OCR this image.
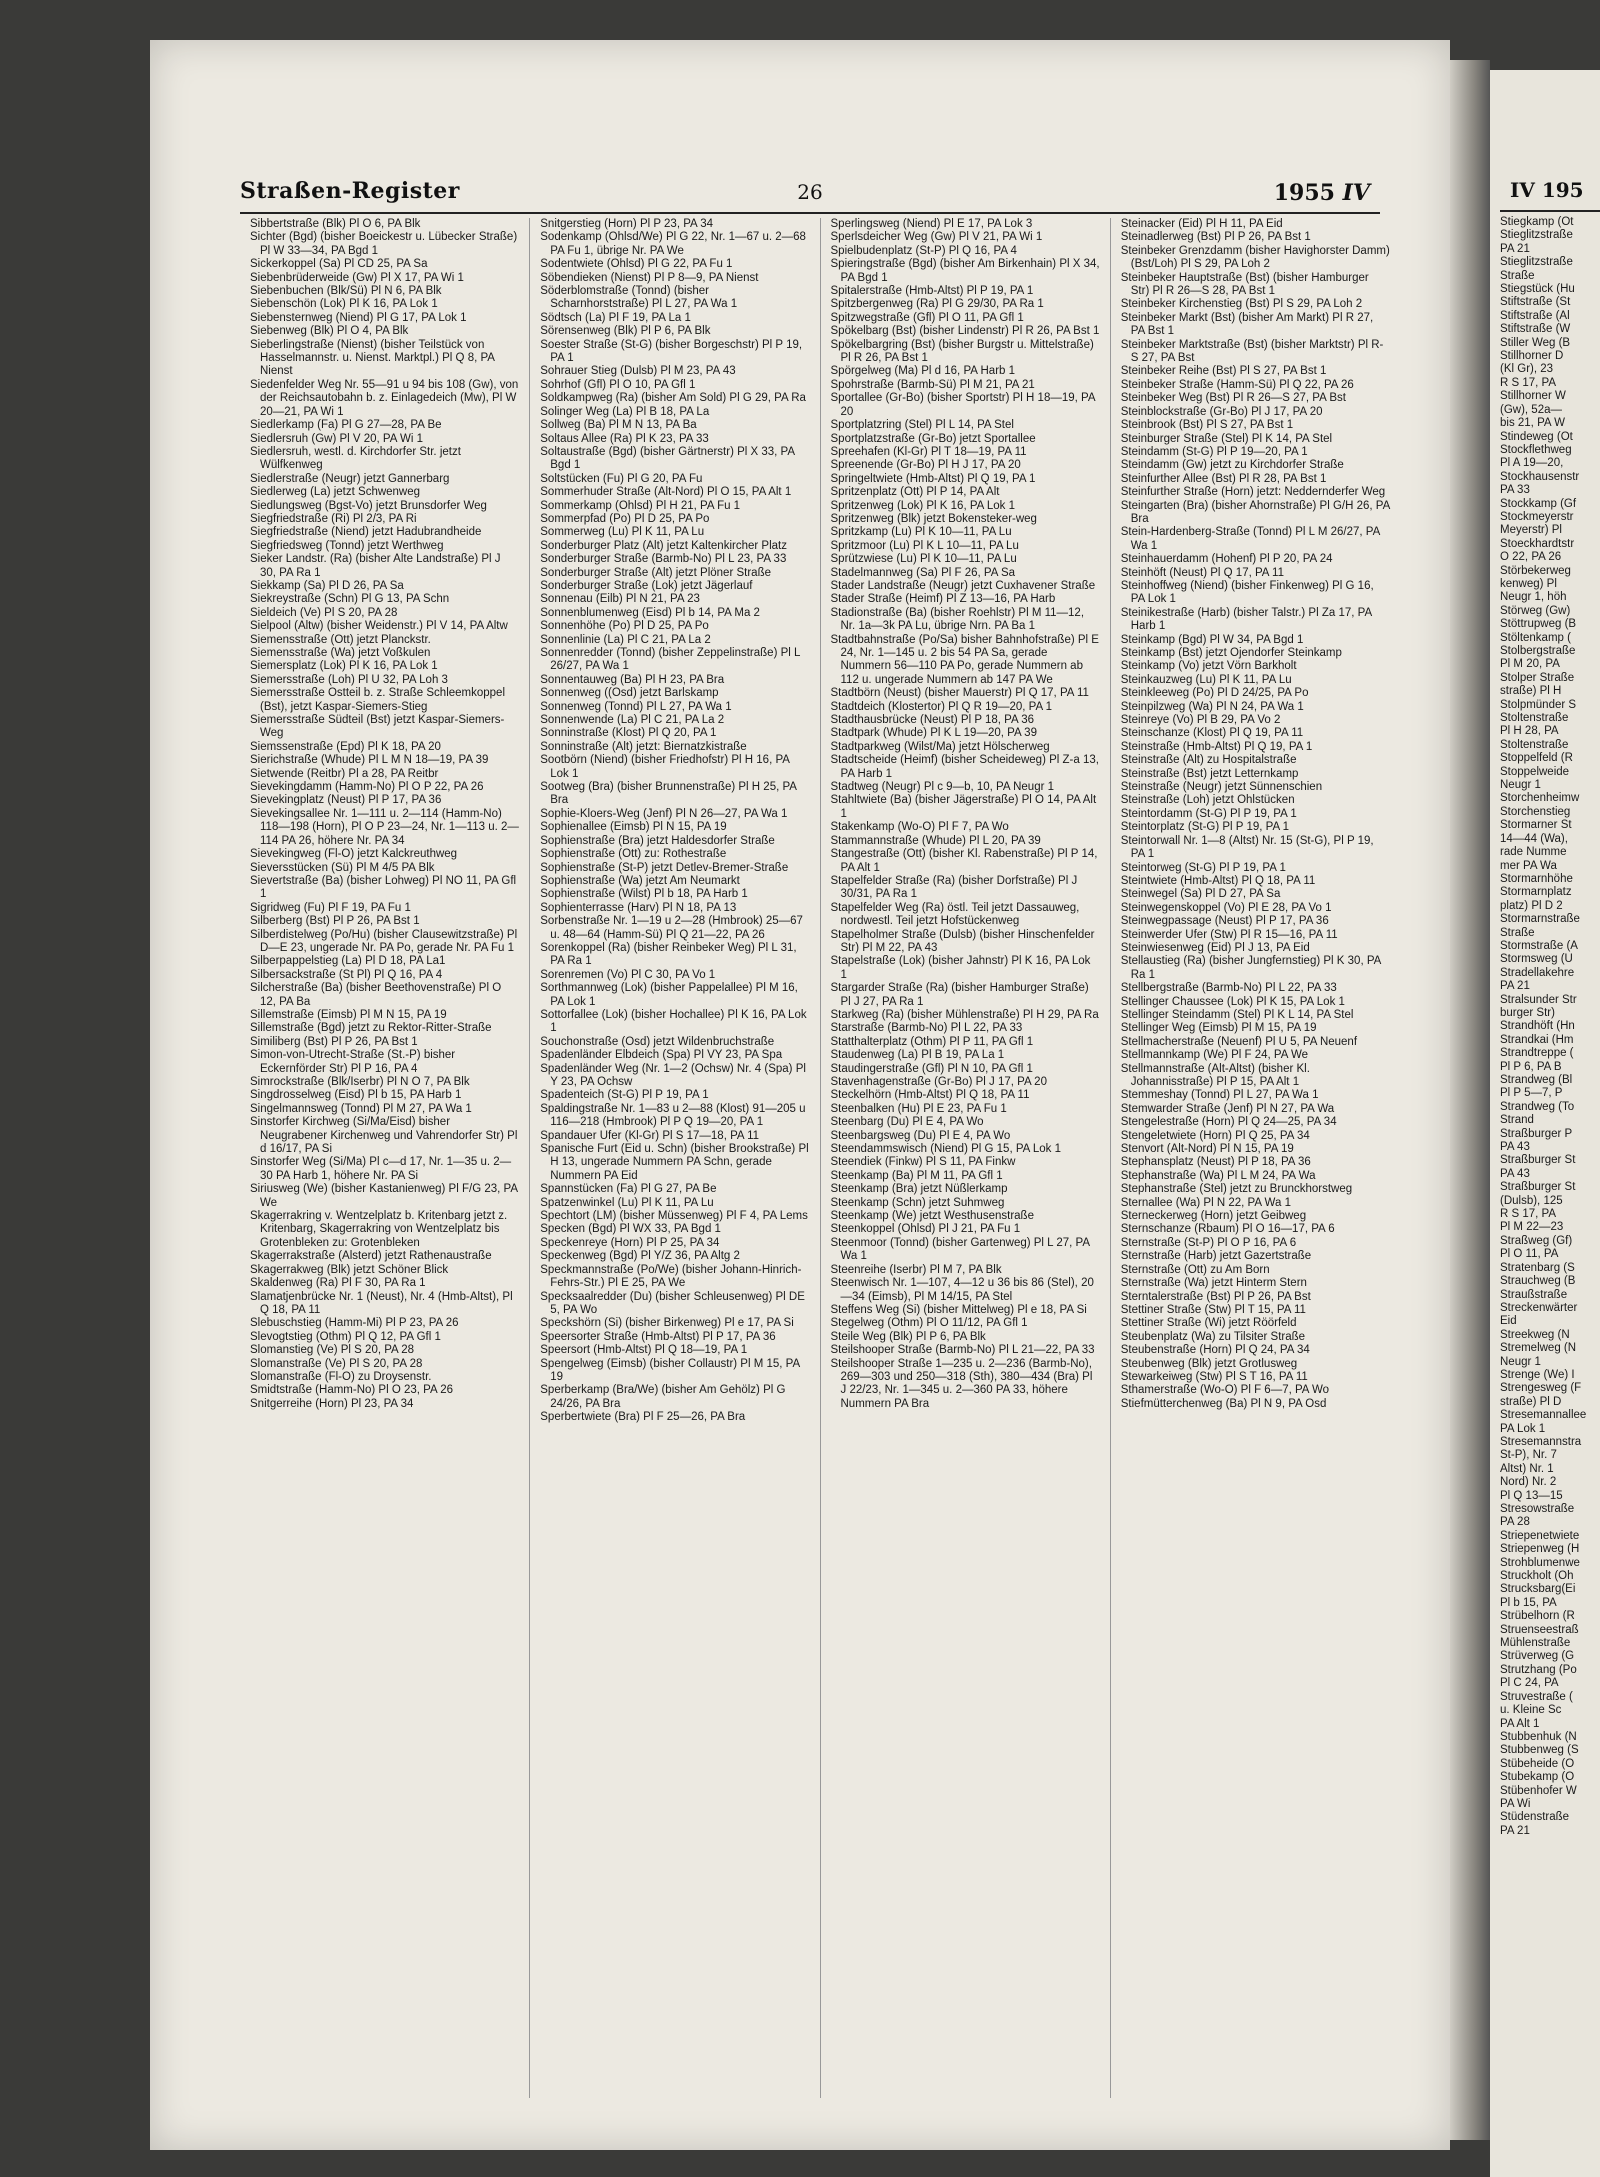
Straßen-Register	26	1955 IV

Sibbertstraße (Blk) Pl O 6, PA Blk

Sichter (Bgd) (bisher Boeickestr u. Lübecker Straße) Pl W 33—34, PA Bgd 1

Sickerkoppel (Sa) Pl CD 25, PA Sa

Siebenbrüderweide (Gw) Pl X 17, PA Wi 1

Siebenbuchen (Blk/Sü) Pl N 6, PA Blk

Siebenschön (Lok) Pl K 16, PA Lok 1

Siebensternweg (Niend) Pl G 17, PA Lok 1

Siebenweg (Blk) Pl O 4, PA Blk

Sieberlingstraße (Nienst) (bisher Teilstück von Hasselmannstr. u. Nienst. Marktpl.) Pl Q 8, PA Nienst

Siedenfelder Weg Nr. 55—91 u 94 bis 108 (Gw), von der Reichsautobahn b. z. Einlagedeich (Mw), Pl W 20—21, PA Wi 1

Siedlerkamp (Fa) Pl G 27—28, PA Be

Siedlersruh (Gw) Pl V 20, PA Wi 1

Siedlersruh, westl. d. Kirchdorfer Str. jetzt Wülfkenweg

Siedlerstraße (Neugr) jetzt Gannerbarg

Siedlerweg (La) jetzt Schwenweg

Siedlungsweg (Bgst-Vo) jetzt Brunsdorfer Weg

Siegfriedstraße (Ri) Pl 2/3, PA Ri

Siegfriedstraße (Niend) jetzt Hadubrandheide

Siegfriedsweg (Tonnd) jetzt Werthweg

Sieker Landstr. (Ra) (bisher Alte Landstraße) Pl J 30, PA Ra 1

Siekkamp (Sa) Pl D 26, PA Sa

Siekreystraße (Schn) Pl G 13, PA Schn

Sieldeich (Ve) Pl S 20, PA 28

Sielpool (Altw) (bisher Weidenstr.) Pl V 14, PA Altw

Siemensstraße (Ott) jetzt Planckstr.

Siemensstraße (Wa) jetzt Voßkulen

Siemersplatz (Lok) Pl K 16, PA Lok 1

Siemersstraße (Loh) Pl U 32, PA Loh 3

Siemersstraße Ostteil b. z. Straße Schleemkoppel (Bst), jetzt Kaspar-Siemers-Stieg

Siemersstraße Südteil (Bst) jetzt Kaspar-Siemers-Weg

Siemssenstraße (Epd) Pl K 18, PA 20

Sierichstraße (Whude) Pl L M N 18—19, PA 39

Sietwende (Reitbr) Pl a 28, PA Reitbr

Sievekingdamm (Hamm-No) Pl O P 22, PA 26

Sievekingplatz (Neust) Pl P 17, PA 36

Sievekingsallee Nr. 1—111 u. 2—114 (Hamm-No) 118—198 (Horn), Pl O P 23—24, Nr. 1—113 u. 2—114 PA 26, höhere Nr. PA 34

Sievekingweg (Fl-O) jetzt Kalckreuthweg

Sieversstücken (Sü) Pl M 4/5 PA Blk

Sievertstraße (Ba) (bisher Lohweg) Pl NO 11, PA Gfl 1

Sigridweg (Fu) Pl F 19, PA Fu 1

Silberberg (Bst) Pl P 26, PA Bst 1

Silberdistelweg (Po/Hu) (bisher Clausewitzstraße) Pl D—E 23, ungerade Nr. PA Po, gerade Nr. PA Fu 1

Silberpappelstieg (La) Pl D 18, PA La1

Silbersackstraße (St Pl) Pl Q 16, PA 4

Silcherstraße (Ba) (bisher Beethovenstraße) Pl O 12, PA Ba

Sillemstraße (Eimsb) Pl M N 15, PA 19

Sillemstraße (Bgd) jetzt zu Rektor-Ritter-Straße

Similiberg (Bst) Pl P 26, PA Bst 1

Simon-von-Utrecht-Straße (St.-P) bisher Eckernförder Str) Pl P 16, PA 4

Simrockstraße (Blk/Iserbr) Pl N O 7, PA Blk

Singdrosselweg (Eisd) Pl b 15, PA Harb 1

Singelmannsweg (Tonnd) Pl M 27, PA Wa 1

Sinstorfer Kirchweg (Si/Ma/Eisd) bisher Neugrabener Kirchenweg und Vahrendorfer Str) Pl d 16/17, PA Si

Sinstorfer Weg (Si/Ma) Pl c—d 17, Nr. 1—35 u. 2—30 PA Harb 1, höhere Nr. PA Si

Siriusweg (We) (bisher Kastanienweg) Pl F/G 23, PA We

Skagerrakring v. Wentzelplatz b. Kritenbarg jetzt z. Kritenbarg, Skagerrakring von Wentzelplatz bis Grotenbleken zu: Grotenbleken

Skagerrakstraße (Alsterd) jetzt Rathenaustraße

Skagerrakweg (Blk) jetzt Schöner Blick

Skaldenweg (Ra) Pl F 30, PA Ra 1

Slamatjenbrücke Nr. 1 (Neust), Nr. 4 (Hmb-Altst), Pl Q 18, PA 11

Slebuschstieg (Hamm-Mi) Pl P 23, PA 26

Slevogtstieg (Othm) Pl Q 12, PA Gfl 1

Slomanstieg (Ve) Pl S 20, PA 28

Slomanstraße (Ve) Pl S 20, PA 28

Slomanstraße (Fl-O) zu Droysenstr.

Smidtstraße (Hamm-No) Pl O 23, PA 26

Snitgerreihe (Horn) Pl 23, PA 34

Snitgerstieg (Horn) Pl P 23, PA 34

Sodenkamp (Ohlsd/We) Pl G 22, Nr. 1—67 u. 2—68 PA Fu 1, übrige Nr. PA We

Sodentwiete (Ohlsd) Pl G 22, PA Fu 1

Söbendieken (Nienst) Pl P 8—9, PA Nienst

Söderblomstraße (Tonnd) (bisher Scharnhorststraße) Pl L 27, PA Wa 1

Södtsch (La) Pl F 19, PA La 1

Sörensenweg (Blk) Pl P 6, PA Blk

Soester Straße (St-G) (bisher Borgeschstr) Pl P 19, PA 1

Sohrauer Stieg (Dulsb) Pl M 23, PA 43

Sohrhof (Gfl) Pl O 10, PA Gfl 1

Soldkampweg (Ra) (bisher Am Sold) Pl G 29, PA Ra

Solinger Weg (La) Pl B 18, PA La

Sollweg (Ba) Pl M N 13, PA Ba

Soltaus Allee (Ra) Pl K 23, PA 33

Soltaustraße (Bgd) (bisher Gärtnerstr) Pl X 33, PA Bgd 1

Soltstücken (Fu) Pl G 20, PA Fu

Sommerhuder Straße (Alt-Nord) Pl O 15, PA Alt 1

Sommerkamp (Ohlsd) Pl H 21, PA Fu 1

Sommerpfad (Po) Pl D 25, PA Po

Sommerweg (Lu) Pl K 11, PA Lu

Sonderburger Platz (Alt) jetzt Kaltenkircher Platz

Sonderburger Straße (Barmb-No) Pl L 23, PA 33

Sonderburger Straße (Alt) jetzt Plöner Straße

Sonderburger Straße (Lok) jetzt Jägerlauf

Sonnenau (Eilb) Pl N 21, PA 23

Sonnenblumenweg (Eisd) Pl b 14, PA Ma 2

Sonnenhöhe (Po) Pl D 25, PA Po

Sonnenlinie (La) Pl C 21, PA La 2

Sonnenredder (Tonnd) (bisher Zeppelinstraße) Pl L 26/27, PA Wa 1

Sonnentauweg (Ba) Pl H 23, PA Bra

Sonnenweg ((Osd) jetzt Barlskamp

Sonnenweg (Tonnd) Pl L 27, PA Wa 1

Sonnenwende (La) Pl C 21, PA La 2

Sonninstraße (Klost) Pl Q 20, PA 1

Sonninstraße (Alt) jetzt: Biernatzkistraße

Sootbörn (Niend) (bisher Friedhofstr) Pl H 16, PA Lok 1

Sootweg (Bra) (bisher Brunnenstraße) Pl H 25, PA Bra

Sophie-Kloers-Weg (Jenf) Pl N 26—27, PA Wa 1

Sophienallee (Eimsb) Pl N 15, PA 19

Sophienstraße (Bra) jetzt Haldesdorfer Straße

Sophienstraße (Ott) zu: Rothestraße

Sophienstraße (St-P) jetzt Detlev-Bremer-Straße

Sophienstraße (Wa) jetzt Am Neumarkt

Sophienstraße (Wilst) Pl b 18, PA Harb 1

Sophienterrasse (Harv) Pl N 18, PA 13

Sorbenstraße Nr. 1—19 u 2—28 (Hmbrook) 25—67 u. 48—64 (Hamm-Sü) Pl Q 21—22, PA 26

Sorenkoppel (Ra) (bisher Reinbeker Weg) Pl L 31, PA Ra 1

Sorenremen (Vo) Pl C 30, PA Vo 1

Sorthmannweg (Lok) (bisher Pappelallee) Pl M 16, PA Lok 1

Sottorfallee (Lok) (bisher Hochallee) Pl K 16, PA Lok 1

Souchonstraße (Osd) jetzt Wildenbruchstraße

Spadenländer Elbdeich (Spa) Pl VY 23, PA Spa

Spadenländer Weg (Nr. 1—2 (Ochsw) Nr. 4 (Spa) Pl Y 23, PA Ochsw

Spadenteich (St-G) Pl P 19, PA 1

Spaldingstraße Nr. 1—83 u 2—88 (Klost) 91—205 u 116—218 (Hmbrook) Pl P Q 19—20, PA 1

Spandauer Ufer (Kl-Gr) Pl S 17—18, PA 11

Spanische Furt (Eid u. Schn) (bisher Brookstraße) Pl H 13, ungerade Nummern PA Schn, gerade Nummern PA Eid

Spannstücken (Fa) Pl G 27, PA Be

Spatzenwinkel (Lu) Pl K 11, PA Lu

Spechtort (LM) (bisher Müssenweg) Pl F 4, PA Lems

Specken (Bgd) Pl WX 33, PA Bgd 1

Speckenreye (Horn) Pl P 25, PA 34

Speckenweg (Bgd) Pl Y/Z 36, PA Altg 2

Speckmannstraße (Po/We) (bisher Johann-Hinrich-Fehrs-Str.) Pl E 25, PA We

Specksaalredder (Du) (bisher Schleusenweg) Pl DE 5, PA Wo

Speckshörn (Si) (bisher Birkenweg) Pl e 17, PA Si

Speersorter Straße (Hmb-Altst) Pl P 17, PA 36

Speersort (Hmb-Altst) Pl Q 18—19, PA 1

Spengelweg (Eimsb) (bisher Collaustr) Pl M 15, PA 19

Sperberkamp (Bra/We) (bisher Am Gehölz) Pl G 24/26, PA Bra

Sperbertwiete (Bra) Pl F 25—26, PA Bra

Sperlingsweg (Niend) Pl E 17, PA Lok 3

Sperlsdeicher Weg (Gw) Pl V 21, PA Wi 1

Spielbudenplatz (St-P) Pl Q 16, PA 4

Spieringstraße (Bgd) (bisher Am Birkenhain) Pl X 34, PA Bgd 1

Spitalerstraße (Hmb-Altst) Pl P 19, PA 1

Spitzbergenweg (Ra) Pl G 29/30, PA Ra 1

Spitzwegstraße (Gfl) Pl O 11, PA Gfl 1

Spökelbarg (Bst) (bisher Lindenstr) Pl R 26, PA Bst 1

Spökelbargring (Bst) (bisher Burgstr u. Mittelstraße) Pl R 26, PA Bst 1

Spörgelweg (Ma) Pl d 16, PA Harb 1

Spohrstraße (Barmb-Sü) Pl M 21, PA 21

Sportallee (Gr-Bo) (bisher Sportstr) Pl H 18—19, PA 20

Sportplatzring (Stel) Pl L 14, PA Stel

Sportplatzstraße (Gr-Bo) jetzt Sportallee

Spreehafen (Kl-Gr) Pl T 18—19, PA 11

Spreenende (Gr-Bo) Pl H J 17, PA 20

Springeltwiete (Hmb-Altst) Pl Q 19, PA 1

Spritzenplatz (Ott) Pl P 14, PA Alt

Spritzenweg (Lok) Pl K 16, PA Lok 1

Spritzenweg (Blk) jetzt Bokensteker-weg

Spritzkamp (Lu) Pl K 10—11, PA Lu

Spritzmoor (Lu) Pl K L 10—11, PA Lu

Sprützwiese (Lu) Pl K 10—11, PA Lu

Stadelmannweg (Sa) Pl F 26, PA Sa

Stader Landstraße (Neugr) jetzt Cuxhavener Straße

Stader Straße (Heimf) Pl Z 13—16, PA Harb

Stadionstraße (Ba) (bisher Roehlstr) Pl M 11—12, Nr. 1a—3k PA Lu, übrige Nrn. PA Ba 1

Stadtbahnstraße (Po/Sa) bisher Bahnhofstraße) Pl E 24, Nr. 1—145 u. 2 bis 54 PA Sa, gerade Nummern 56—110 PA Po, gerade Nummern ab 112 u. ungerade Nummern ab 147 PA We

Stadtbörn (Neust) (bisher Mauerstr) Pl Q 17, PA 11

Stadtdeich (Klostertor) Pl Q R 19—20, PA 1

Stadthausbrücke (Neust) Pl P 18, PA 36

Stadtpark (Whude) Pl K L 19—20, PA 39

Stadtparkweg (Wilst/Ma) jetzt Hölscherweg

Stadtscheide (Heimf) (bisher Scheideweg) Pl Z-a 13, PA Harb 1

Stadtweg (Neugr) Pl c 9—b, 10, PA Neugr 1

Stahltwiete (Ba) (bisher Jägerstraße) Pl O 14, PA Alt 1

Stakenkamp (Wo-O) Pl F 7, PA Wo

Stammannstraße (Whude) Pl L 20, PA 39

Stangestraße (Ott) (bisher Kl. Rabenstraße) Pl P 14, PA Alt 1

Stapelfelder Straße (Ra) (bisher Dorfstraße) Pl J 30/31, PA Ra 1

Stapelfelder Weg (Ra) östl. Teil jetzt Dassauweg, nordwestl. Teil jetzt Hofstückenweg

Stapelholmer Straße (Dulsb) (bisher Hinschenfelder Str) Pl M 22, PA 43

Stapelstraße (Lok) (bisher Jahnstr) Pl K 16, PA Lok 1

Stargarder Straße (Ra) (bisher Hamburger Straße) Pl J 27, PA Ra 1

Starkweg (Ra) (bisher Mühlenstraße) Pl H 29, PA Ra

Starstraße (Barmb-No) Pl L 22, PA 33

Statthalterplatz (Othm) Pl P 11, PA Gfl 1

Staudenweg (La) Pl B 19, PA La 1

Staudingerstraße (Gfl) Pl N 10, PA Gfl 1

Stavenhagenstraße (Gr-Bo) Pl J 17, PA 20

Steckelhörn (Hmb-Altst) Pl Q 18, PA 11

Steenbalken (Hu) Pl E 23, PA Fu 1

Steenbarg (Du) Pl E 4, PA Wo

Steenbargsweg (Du) Pl E 4, PA Wo

Steendammswisch (Niend) Pl G 15, PA Lok 1

Steendiek (Finkw) Pl S 11, PA Finkw

Steenkamp (Ba) Pl M 11, PA Gfl 1

Steenkamp (Bra) jetzt Nüßlerkamp

Steenkamp (Schn) jetzt Suhmweg

Steenkamp (We) jetzt Westhusenstraße

Steenkoppel (Ohlsd) Pl J 21, PA Fu 1

Steenmoor (Tonnd) (bisher Gartenweg) Pl L 27, PA Wa 1

Steenreihe (Iserbr) Pl M 7, PA Blk

Steenwisch Nr. 1—107, 4—12 u 36 bis 86 (Stel), 20—34 (Eimsb), Pl M 14/15, PA Stel

Steffens Weg (Si) (bisher Mittelweg) Pl e 18, PA Si

Stegelweg (Othm) Pl O 11/12, PA Gfl 1

Steile Weg (Blk) Pl P 6, PA Blk

Steilshooper Straße (Barmb-No) Pl L 21—22, PA 33

Steilshooper Straße 1—235 u. 2—236 (Barmb-No), 269—303 und 250—318 (Sth), 380—434 (Bra) Pl J 22/23, Nr. 1—345 u. 2—360 PA 33, höhere Nummern PA Bra

Steinacker (Eid) Pl H 11, PA Eid

Steinadlerweg (Bst) Pl P 26, PA Bst 1

Steinbeker Grenzdamm (bisher Havighorster Damm) (Bst/Loh) Pl S 29, PA Loh 2

Steinbeker Hauptstraße (Bst) (bisher Hamburger Str) Pl R 26—S 28, PA Bst 1

Steinbeker Kirchenstieg (Bst) Pl S 29, PA Loh 2

Steinbeker Markt (Bst) (bisher Am Markt) Pl R 27, PA Bst 1

Steinbeker Marktstraße (Bst) (bisher Marktstr) Pl R-S 27, PA Bst

Steinbeker Reihe (Bst) Pl S 27, PA Bst 1

Steinbeker Straße (Hamm-Sü) Pl Q 22, PA 26

Steinbeker Weg (Bst) Pl R 26—S 27, PA Bst

Steinblockstraße (Gr-Bo) Pl J 17, PA 20

Steinbrook (Bst) Pl S 27, PA Bst 1

Steinburger Straße (Stel) Pl K 14, PA Stel

Steindamm (St-G) Pl P 19—20, PA 1

Steindamm (Gw) jetzt zu Kirchdorfer Straße

Steinfurther Allee (Bst) Pl R 28, PA Bst 1

Steinfurther Straße (Horn) jetzt: Neddernderfer Weg

Steingarten (Bra) (bisher Ahornstraße) Pl G/H 26, PA Bra

Stein-Hardenberg-Straße (Tonnd) Pl L M 26/27, PA Wa 1

Steinhauerdamm (Hohenf) Pl P 20, PA 24

Steinhöft (Neust) Pl Q 17, PA 11

Steinhoffweg (Niend) (bisher Finkenweg) Pl G 16, PA Lok 1

Steinikestraße (Harb) (bisher Talstr.) Pl Za 17, PA Harb 1

Steinkamp (Bgd) Pl W 34, PA Bgd 1

Steinkamp (Bst) jetzt Ojendorfer Steinkamp

Steinkamp (Vo) jetzt Vörn Barkholt

Steinkauzweg (Lu) Pl K 11, PA Lu

Steinkleeweg (Po) Pl D 24/25, PA Po

Steinpilzweg (Wa) Pl N 24, PA Wa 1

Steinreye (Vo) Pl B 29, PA Vo 2

Steinschanze (Klost) Pl Q 19, PA 11

Steinstraße (Hmb-Altst) Pl Q 19, PA 1

Steinstraße (Alt) zu Hospitalstraße

Steinstraße (Bst) jetzt Letternkamp

Steinstraße (Neugr) jetzt Sünnenschien

Steinstraße (Loh) jetzt Ohlstücken

Steintordamm (St-G) Pl P 19, PA 1

Steintorplatz (St-G) Pl P 19, PA 1

Steintorwall Nr. 1—8 (Altst) Nr. 15 (St-G), Pl P 19, PA 1

Steintorweg (St-G) Pl P 19, PA 1

Steintwiete (Hmb-Altst) Pl Q 18, PA 11

Steinwegel (Sa) Pl D 27, PA Sa

Steinwegenskoppel (Vo) Pl E 28, PA Vo 1

Steinwegpassage (Neust) Pl P 17, PA 36

Steinwerder Ufer (Stw) Pl R 15—16, PA 11

Steinwiesenweg (Eid) Pl J 13, PA Eid

Stellaustieg (Ra) (bisher Jungfernstieg) Pl K 30, PA Ra 1

Stellbergstraße (Barmb-No) Pl L 22, PA 33

Stellinger Chaussee (Lok) Pl K 15, PA Lok 1

Stellinger Steindamm (Stel) Pl K L 14, PA Stel

Stellinger Weg (Eimsb) Pl M 15, PA 19

Stellmacherstraße (Neuenf) Pl U 5, PA Neuenf

Stellmannkamp (We) Pl F 24, PA We

Stellmannstraße (Alt-Altst) (bisher Kl. Johannisstraße) Pl P 15, PA Alt 1

Stemmeshay (Tonnd) Pl L 27, PA Wa 1

Stemwarder Straße (Jenf) Pl N 27, PA Wa

Stengelestraße (Horn) Pl Q 24—25, PA 34

Stengeletwiete (Horn) Pl Q 25, PA 34

Stenvort (Alt-Nord) Pl N 15, PA 19

Stephansplatz (Neust) Pl P 18, PA 36

Stephanstraße (Wa) Pl L M 24, PA Wa

Stephanstraße (Stel) jetzt zu Brunckhorstweg

Sternallee (Wa) Pl N 22, PA Wa 1

Sterneckerweg (Horn) jetzt Geibweg

Sternschanze (Rbaum) Pl O 16—17, PA 6

Sternstraße (St-P) Pl O P 16, PA 6

Sternstraße (Harb) jetzt Gazertstraße

Sternstraße (Ott) zu Am Born

Sternstraße (Wa) jetzt Hinterm Stern

Sterntalerstraße (Bst) Pl P 26, PA Bst

Stettiner Straße (Stw) Pl T 15, PA 11

Stettiner Straße (Wi) jetzt Röörfeld

Steubenplatz (Wa) zu Tilsiter Straße

Steubenstraße (Horn) Pl Q 24, PA 34

Steubenweg (Blk) jetzt Grotlusweg

Stewarkeiweg (Stw) Pl S T 16, PA 11

Sthamerstraße (Wo-O) Pl F 6—7, PA Wo

Stiefmütterchenweg (Ba) Pl N 9, PA Osd

IV 195
Stiegkamp (Ot
Stieglitzstraße
PA 21
Stieglitzstraße
Straße
Stiegstück (Hu
Stiftstraße (St
Stiftstraße (Al
Stiftstraße (W
Stiller Weg (B
Stillhorner D
(Kl Gr), 23
R S 17, PA
Stillhorner W
(Gw), 52a—
bis 21, PA W
Stindeweg (Ot
Stockflethweg
Pl A 19—20,
Stockhausenstr
PA 33
Stockkamp (Gf
Stockmeyerstr
Meyerstr) Pl
Stoeckhardtstr
O 22, PA 26
Störbekerweg
kenweg) Pl
Neugr 1, höh
Störweg (Gw)
Stöttrupweg (B
Stöltenkamp (
Stolbergstraße
Pl M 20, PA
Stolper Straße
straße) Pl H
Stolpmünder S
Stoltenstraße
Pl H 28, PA
Stoltenstraße
Stoppelfeld (R
Stoppelweide
Neugr 1
Storchenheimw
Storchenstieg
Stormarner St
14—44 (Wa),
rade Numme
mer PA Wa
Stormarnhöhe
Stormarnplatz
platz) Pl D 2
Stormarnstraße
Straße
Stormstraße (A
Stormsweg (U
Stradellakehre
PA 21
Stralsunder Str
burger Str)
Strandhöft (Hn
Strandkai (Hm
Strandtreppe (
Pl P 6, PA B
Strandweg (Bl
Pl P 5—7, P
Strandweg (To
Strand
Straßburger P
PA 43
Straßburger St
PA 43
Straßburger St
(Dulsb), 125
R S 17, PA
Pl M 22—23
Straßweg (Gf)
Pl O 11, PA
Stratenbarg (S
Strauchweg (B
Straußstraße
Streckenwärter
Eid
Streekweg (N
Stremelweg (N
Neugr 1
Strenge (We) I
Strengesweg (F
straße) Pl D
Stresemannallee
PA Lok 1
Stresemannstra
St-P), Nr. 7
Altst) Nr. 1
Nord) Nr. 2
Pl Q 13—15
Stresowstraße
PA 28
Striepenetwiete
Striepenweg (H
Strohblumenwe
Struckholt (Oh
Strucksbarg(Ei
Pl b 15, PA
Strübelhorn (R
Struenseestraß
Mühlenstraße
Strüverweg (G
Strutzhang (Po
Pl C 24, PA
Struvestraße (
u. Kleine Sc
PA Alt 1
Stubbenhuk (N
Stubbenweg (S
Stübeheide (O
Stubekamp (O
Stübenhofer W
PA Wi
Stüdenstraße
PA 21
